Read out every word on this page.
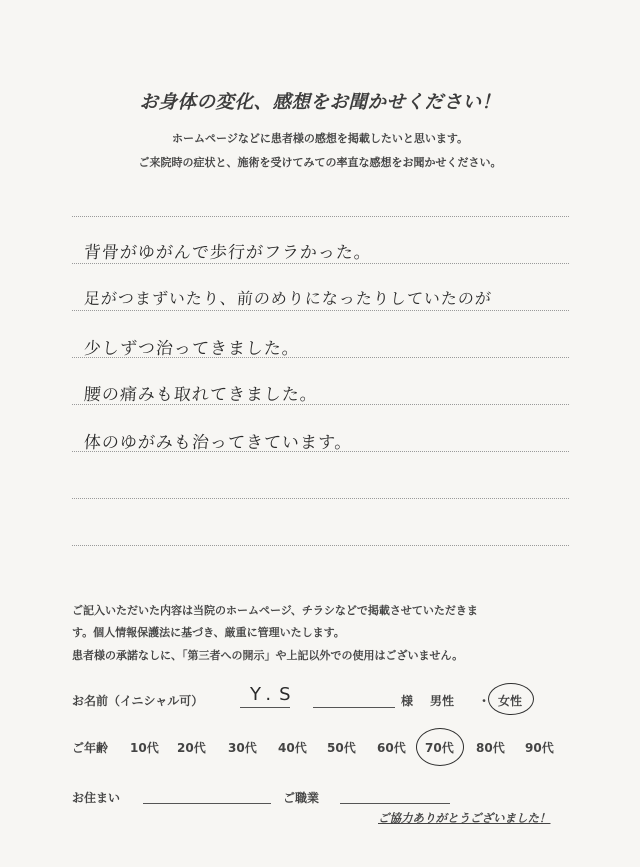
お身体の変化、感想をお聞かせください！
ホームページなどに患者様の感想を掲載したいと思います。
ご来院時の症状と、施術を受けてみての率直な感想をお聞かせください。
背骨がゆがんで歩行がフラかった。
足がつまずいたり、前のめりになったりしていたのが
少しずつ治ってきました。
腰の痛みも取れてきました。
体のゆがみも治ってきています。
ご記入いただいた内容は当院のホームページ、チラシなどで掲載させていただきま
す。個人情報保護法に基づき、厳重に管理いたします。
患者様の承諾なしに、「第三者への開示」や上記以外での使用はございません。
お名前（イニシャル可）	Y.S	様 男性 ・ 女性
ご年齢 10代 20代 30代 40代 50代 60代 70代 80代 90代
お住まい	ご職業
ご協力ありがとうございました！
